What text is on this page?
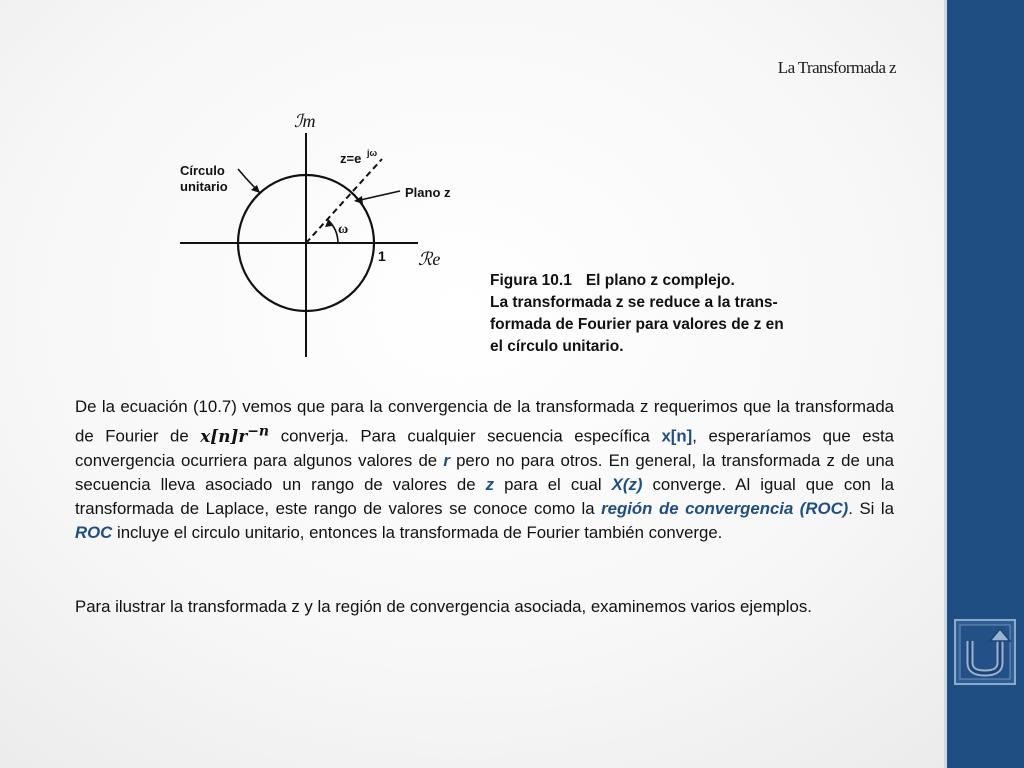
La Transformada z
ℐm
ℛe
Círculo
unitario
z=e jω
Plano z
ω
1
Figura 10.1 El plano z complejo.
La transformada z se reduce a la trans-
formada de Fourier para valores de z en
el círculo unitario.
De la ecuación (10.7) vemos que para la convergencia de la transformada z requerimos que la transformada de Fourier de $x[n]r^{-n}$ converja. Para cualquier secuencia específica x[n], esperaríamos que esta convergencia ocurriera para algunos valores de r pero no para otros. En general, la transformada z de una secuencia lleva asociado un rango de valores de z para el cual X(z) converge. Al igual que con la transformada de Laplace, este rango de valores se conoce como la región de convergencia (ROC). Si la ROC incluye el circulo unitario, entonces la transformada de Fourier también converge.
Para ilustrar la transformada z y la región de convergencia asociada, examinemos varios ejemplos.
